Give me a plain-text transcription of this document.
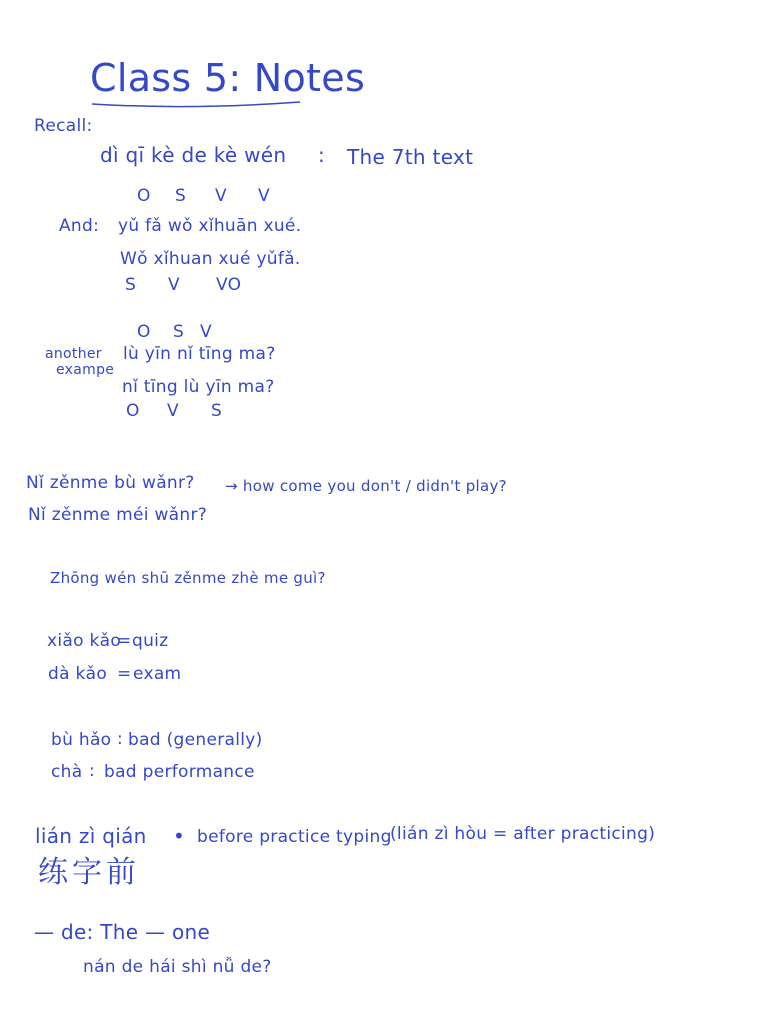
Class 5: Notes
Recall:
dì qī kè de kè wén : The 7th text
O S V V
And: yǔ fǎ wǒ xǐhuān xué.
Wǒ xǐhuan xué yǔfǎ.
S V VO
O S V
another
exampe
lù yīn nǐ tīng ma?
nǐ tīng lù yīn ma?
O V S
Nǐ zěnme bù wǎnr? → how come you don't / didn't play?
Nǐ zěnme méi wǎnr?
Zhōng wén shū zěnme zhè me guì?
xiǎo kǎo
= quiz
dà kǎo = exam
bù hǎo : bad (generally)
chà : bad performance
lián zì qián • before practice typing
(lián zì hòu = after practicing)
练字前
— de: The — one
nán de hái shì nǚ de?
